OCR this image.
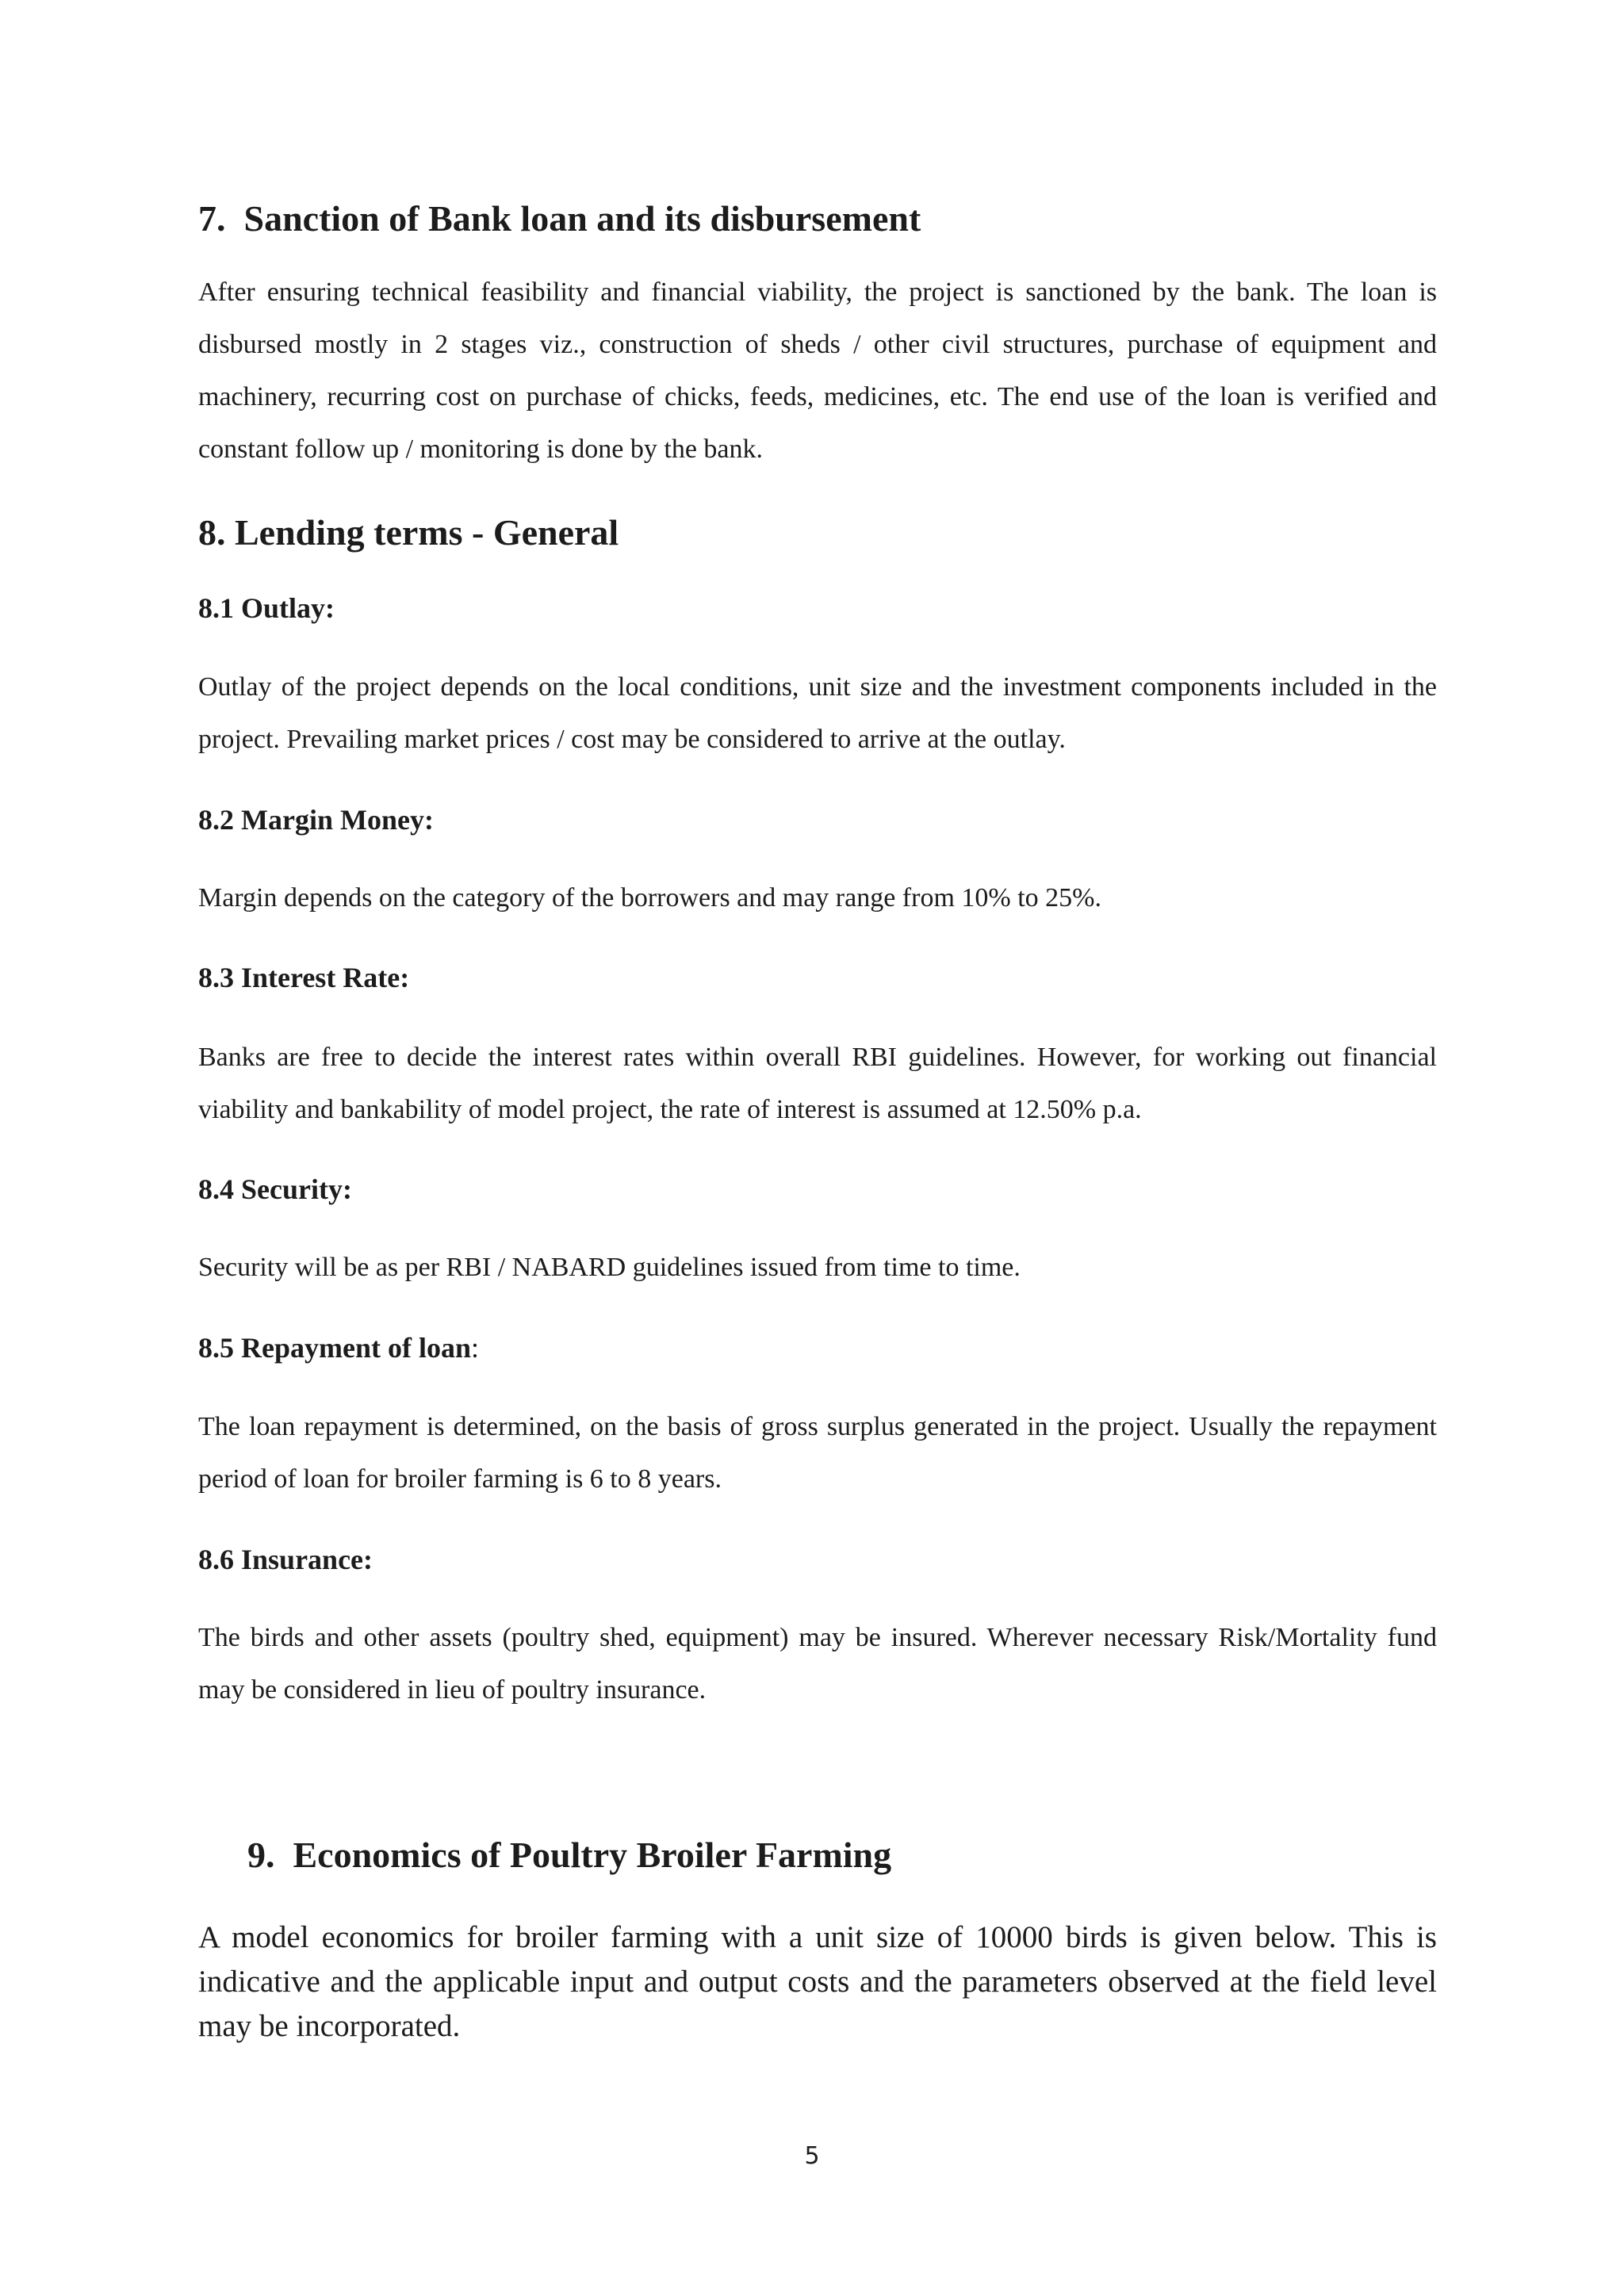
7. Sanction of Bank loan and its disbursement

After ensuring technical feasibility and financial viability, the project is sanctioned by the bank. The loan is disbursed mostly in 2 stages viz., construction of sheds / other civil structures, purchase of equipment and machinery, recurring cost on purchase of chicks, feeds, medicines, etc. The end use of the loan is verified and constant follow up / monitoring is done by the bank.

8. Lending terms - General
8.1 Outlay:

Outlay of the project depends on the local conditions, unit size and the investment components included in the project. Prevailing market prices / cost may be considered to arrive at the outlay.

8.2 Margin Money:

Margin depends on the category of the borrowers and may range from 10% to 25%.

8.3 Interest Rate:

Banks are free to decide the interest rates within overall RBI guidelines. However, for working out financial viability and bankability of model project, the rate of interest is assumed at 12.50% p.a.

8.4 Security:

Security will be as per RBI / NABARD guidelines issued from time to time.

8.5 Repayment of loan:

The loan repayment is determined, on the basis of gross surplus generated in the project. Usually the repayment period of loan for broiler farming is 6 to 8 years.

8.6 Insurance:

The birds and other assets (poultry shed, equipment) may be insured. Wherever necessary Risk/Mortality fund may be considered in lieu of poultry insurance.

9. Economics of Poultry Broiler Farming

A model economics for broiler farming with a unit size of 10000 birds is given below. This is indicative and the applicable input and output costs and the parameters observed at the field level may be incorporated.

5
